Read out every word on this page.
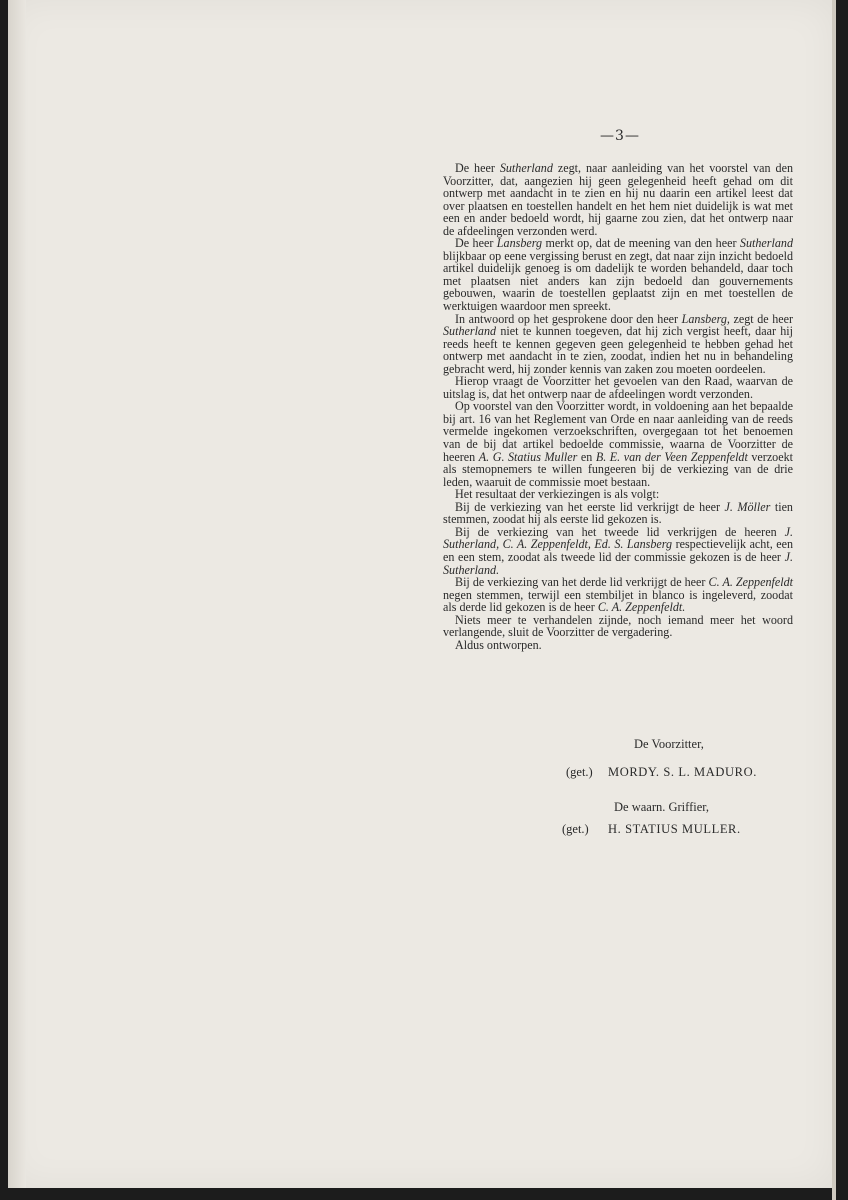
—3—

De heer Sutherland zegt, naar aanleiding van het voorstel van den Voorzitter, dat, aangezien hij geen gelegenheid heeft gehad om dit ontwerp met aandacht in te zien en hij nu daarin een artikel leest dat over plaatsen en toestellen handelt en het hem niet duidelijk is wat met een en ander bedoeld wordt, hij gaarne zou zien, dat het ontwerp naar de afdeelingen verzonden werd.

De heer Lansberg merkt op, dat de meening van den heer Sutherland blijkbaar op eene vergissing berust en zegt, dat naar zijn inzicht bedoeld artikel duidelijk genoeg is om dadelijk te worden behandeld, daar toch met plaatsen niet anders kan zijn bedoeld dan gouvernements gebouwen, waarin de toestellen geplaatst zijn en met toestellen de werktuigen waardoor men spreekt.

In antwoord op het gesprokene door den heer Lansberg, zegt de heer Sutherland niet te kunnen toegeven, dat hij zich vergist heeft, daar hij reeds heeft te kennen gegeven geen gelegenheid te hebben gehad het ontwerp met aandacht in te zien, zoodat, indien het nu in behandeling gebracht werd, hij zonder kennis van zaken zou moeten oordeelen.

Hierop vraagt de Voorzitter het gevoelen van den Raad, waarvan de uitslag is, dat het ontwerp naar de afdeelingen wordt verzonden.

Op voorstel van den Voorzitter wordt, in voldoening aan het bepaalde bij art. 16 van het Reglement van Orde en naar aanleiding van de reeds vermelde ingekomen verzoekschriften, overgegaan tot het benoemen van de bij dat artikel bedoelde commissie, waarna de Voorzitter de heeren A. G. Statius Muller en B. E. van der Veen Zeppenfeldt verzoekt als stemopnemers te willen fungeeren bij de verkiezing van de drie leden, waaruit de commissie moet bestaan.

Het resultaat der verkiezingen is als volgt:

Bij de verkiezing van het eerste lid verkrijgt de heer J. Möller tien stemmen, zoodat hij als eerste lid gekozen is.

Bij de verkiezing van het tweede lid verkrijgen de heeren J. Sutherland, C. A. Zeppenfeldt, Ed. S. Lansberg respectievelijk acht, een en een stem, zoodat als tweede lid der commissie gekozen is de heer J. Sutherland.

Bij de verkiezing van het derde lid verkrijgt de heer C. A. Zeppenfeldt negen stemmen, terwijl een stembiljet in blanco is ingeleverd, zoodat als derde lid gekozen is de heer C. A. Zeppenfeldt.

Niets meer te verhandelen zijnde, noch iemand meer het woord verlangende, sluit de Voorzitter de vergadering.

Aldus ontworpen.

De Voorzitter,
(get.) MORDY. S. L. MADURO.
De waarn. Griffier,
(get.) H. STATIUS MULLER.
